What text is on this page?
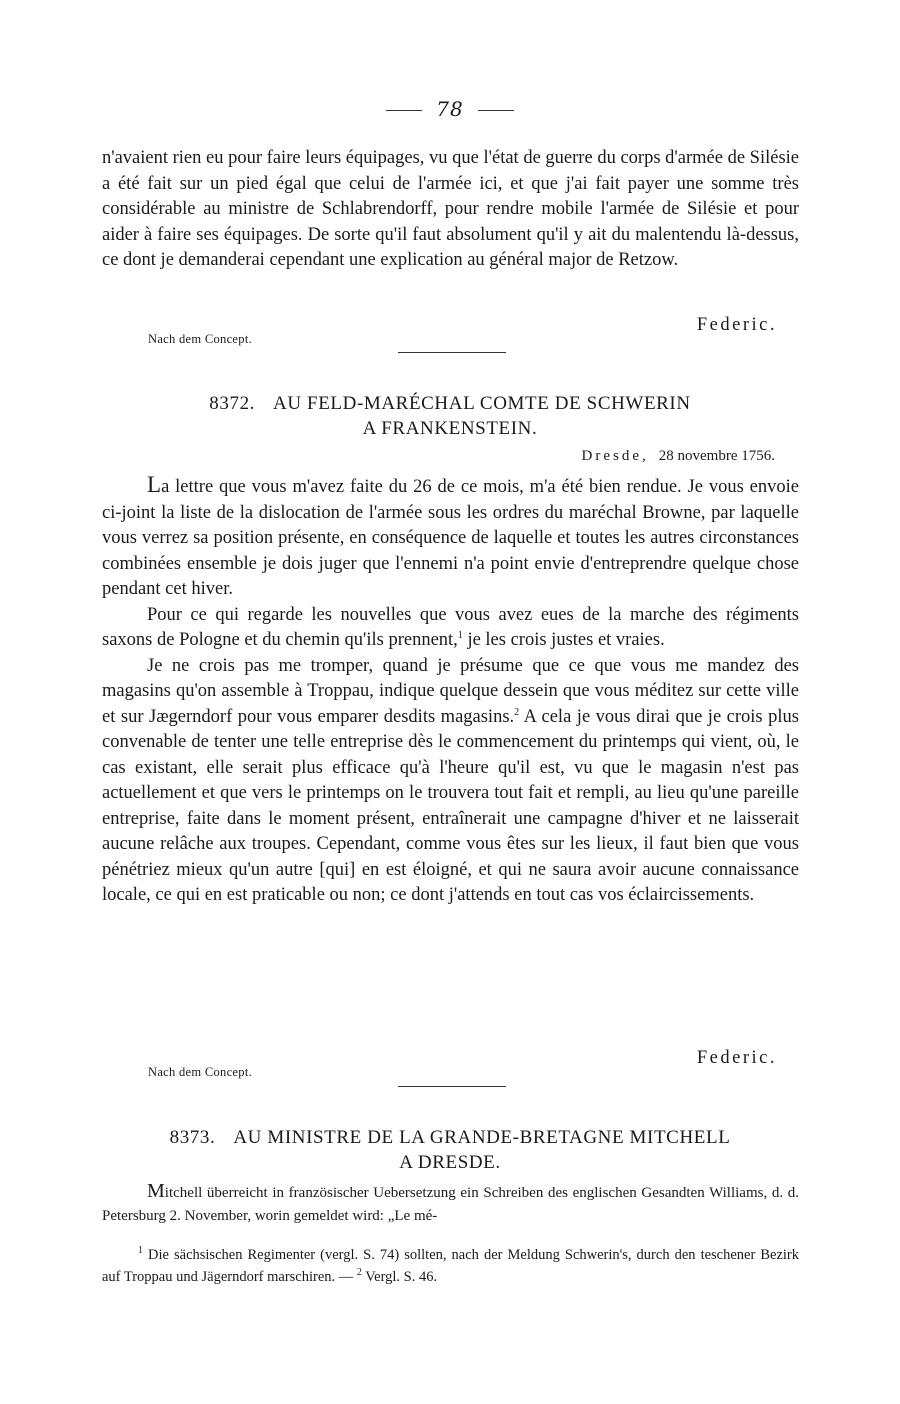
78

n'avaient rien eu pour faire leurs équipages, vu que l'état de guerre du corps d'armée de Silésie a été fait sur un pied égal que celui de l'armée ici, et que j'ai fait payer une somme très considérable au ministre de Schlabrendorff, pour rendre mobile l'armée de Silésie et pour aider à faire ses équipages. De sorte qu'il faut absolument qu'il y ait du malentendu là-dessus, ce dont je demanderai cependant une explication au général major de Retzow.

Federic.
Nach dem Concept.
8372. AU FELD-MARÉCHAL COMTE DE SCHWERIN
A FRANKENSTEIN.
Dresde, 28 novembre 1756.

La lettre que vous m'avez faite du 26 de ce mois, m'a été bien rendue. Je vous envoie ci-joint la liste de la dislocation de l'armée sous les ordres du maréchal Browne, par laquelle vous verrez sa position présente, en conséquence de laquelle et toutes les autres circonstances combinées ensemble je dois juger que l'ennemi n'a point envie d'entreprendre quelque chose pendant cet hiver.

Pour ce qui regarde les nouvelles que vous avez eues de la marche des régiments saxons de Pologne et du chemin qu'ils prennent,$^1$ je les crois justes et vraies.

Je ne crois pas me tromper, quand je présume que ce que vous me mandez des magasins qu'on assemble à Troppau, indique quelque dessein que vous méditez sur cette ville et sur Jægerndorf pour vous emparer desdits magasins.$^2$ A cela je vous dirai que je crois plus convenable de tenter une telle entreprise dès le commencement du printemps qui vient, où, le cas existant, elle serait plus efficace qu'à l'heure qu'il est, vu que le magasin n'est pas actuellement et que vers le printemps on le trouvera tout fait et rempli, au lieu qu'une pareille entreprise, faite dans le moment présent, entraînerait une campagne d'hiver et ne laisserait aucune relâche aux troupes. Cependant, comme vous êtes sur les lieux, il faut bien que vous pénétriez mieux qu'un autre [qui] en est éloigné, et qui ne saura avoir aucune connaissance locale, ce qui en est praticable ou non; ce dont j'attends en tout cas vos éclaircissements.

Federic.
Nach dem Concept.
8373. AU MINISTRE DE LA GRANDE-BRETAGNE MITCHELL
A DRESDE.

Mitchell überreicht in französischer Uebersetzung ein Schreiben des englischen Gesandten Williams, d. d. Petersburg 2. November, worin gemeldet wird: „Le mé-

$^1$ Die sächsischen Regimenter (vergl. S. 74) sollten, nach der Meldung Schwerin's, durch den teschener Bezirk auf Troppau und Jägerndorf marschiren. — $^2$ Vergl. S. 46.
